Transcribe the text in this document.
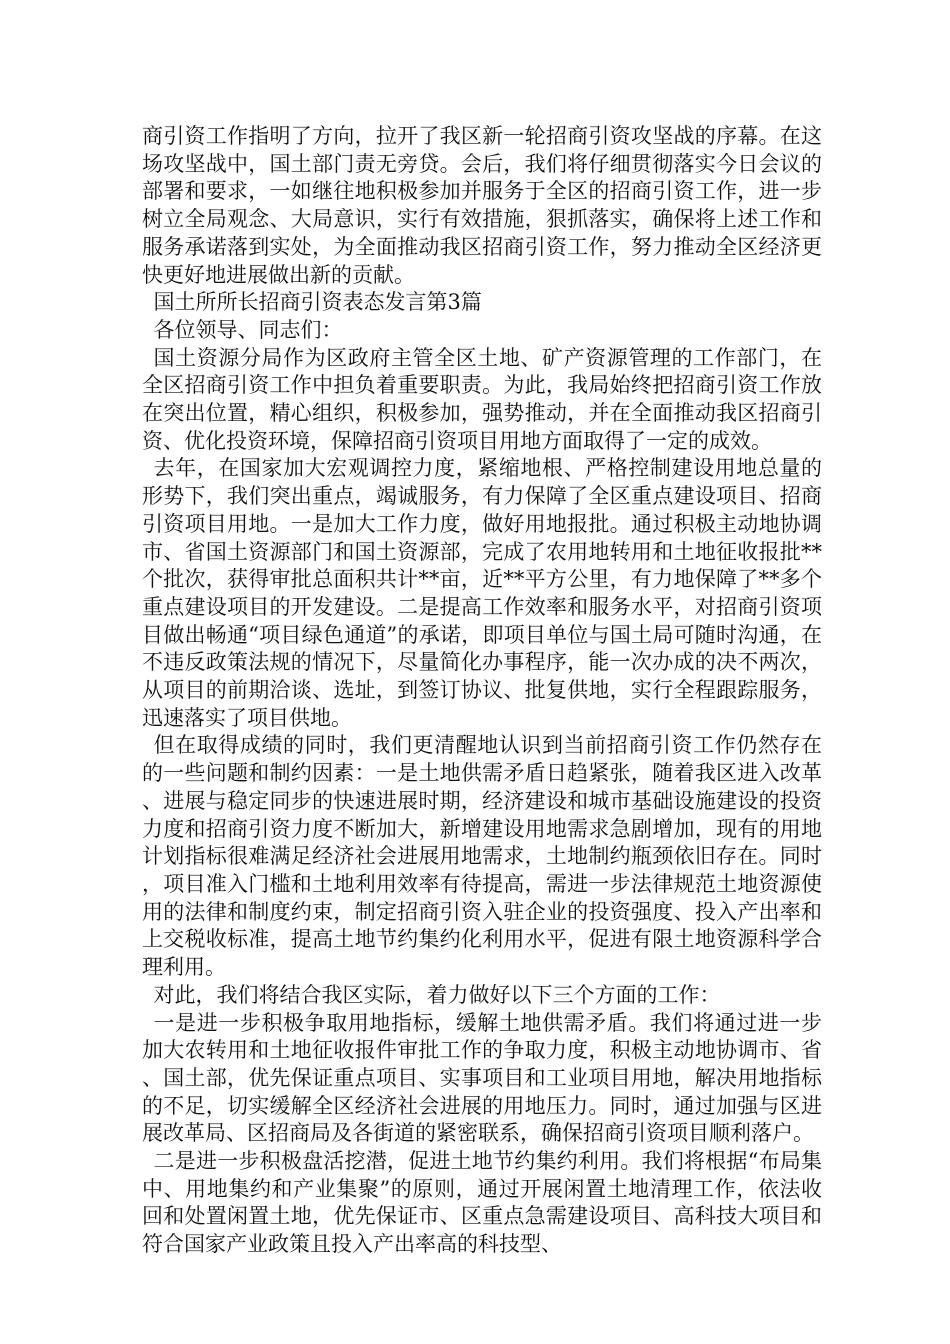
商引资工作指明了方向，拉开了我区新一轮招商引资攻坚战的序幕。在这场攻坚战中，国土部门责无旁贷。会后，我们将仔细贯彻落实今日会议的部署和要求，一如继往地积极参加并服务于全区的招商引资工作，进一步树立全局观念、大局意识，实行有效措施，狠抓落实，确保将上述工作和服务承诺落到实处，为全面推动我区招商引资工作，努力推动全区经济更快更好地进展做出新的贡献。

国土所所长招商引资表态发言第3篇

各位领导、同志们：

国土资源分局作为区政府主管全区土地、矿产资源管理的工作部门，在全区招商引资工作中担负着重要职责。为此，我局始终把招商引资工作放在突出位置，精心组织，积极参加，强势推动，并在全面推动我区招商引资、优化投资环境，保障招商引资项目用地方面取得了一定的成效。

去年，在国家加大宏观调控力度，紧缩地根、严格控制建设用地总量的形势下，我们突出重点，竭诚服务，有力保障了全区重点建设项目、招商引资项目用地。一是加大工作力度，做好用地报批。通过积极主动地协调市、省国土资源部门和国土资源部，完成了农用地转用和土地征收报批**个批次，获得审批总面积共计**亩，近**平方公里，有力地保障了**多个重点建设项目的开发建设。二是提高工作效率和服务水平，对招商引资项目做出畅通“项目绿色通道”的承诺，即项目单位与国土局可随时沟通，在不违反政策法规的情况下，尽量简化办事程序，能一次办成的决不两次，从项目的前期洽谈、选址，到签订协议、批复供地，实行全程跟踪服务，迅速落实了项目供地。

但在取得成绩的同时，我们更清醒地认识到当前招商引资工作仍然存在的一些问题和制约因素：一是土地供需矛盾日趋紧张，随着我区进入改革、进展与稳定同步的快速进展时期，经济建设和城市基础设施建设的投资力度和招商引资力度不断加大，新增建设用地需求急剧增加，现有的用地计划指标很难满足经济社会进展用地需求，土地制约瓶颈依旧存在。同时，项目准入门槛和土地利用效率有待提高，需进一步法律规范土地资源使用的法律和制度约束，制定招商引资入驻企业的投资强度、投入产出率和上交税收标准，提高土地节约集约化利用水平，促进有限土地资源科学合理利用。

对此，我们将结合我区实际，着力做好以下三个方面的工作：

一是进一步积极争取用地指标，缓解土地供需矛盾。我们将通过进一步加大农转用和土地征收报件审批工作的争取力度，积极主动地协调市、省、国土部，优先保证重点项目、实事项目和工业项目用地，解决用地指标的不足，切实缓解全区经济社会进展的用地压力。同时，通过加强与区进展改革局、区招商局及各街道的紧密联系，确保招商引资项目顺利落户。

二是进一步积极盘活挖潜，促进土地节约集约利用。我们将根据“布局集中、用地集约和产业集聚”的原则，通过开展闲置土地清理工作，依法收回和处置闲置土地，优先保证市、区重点急需建设项目、高科技大项目和符合国家产业政策且投入产出率高的科技型、
